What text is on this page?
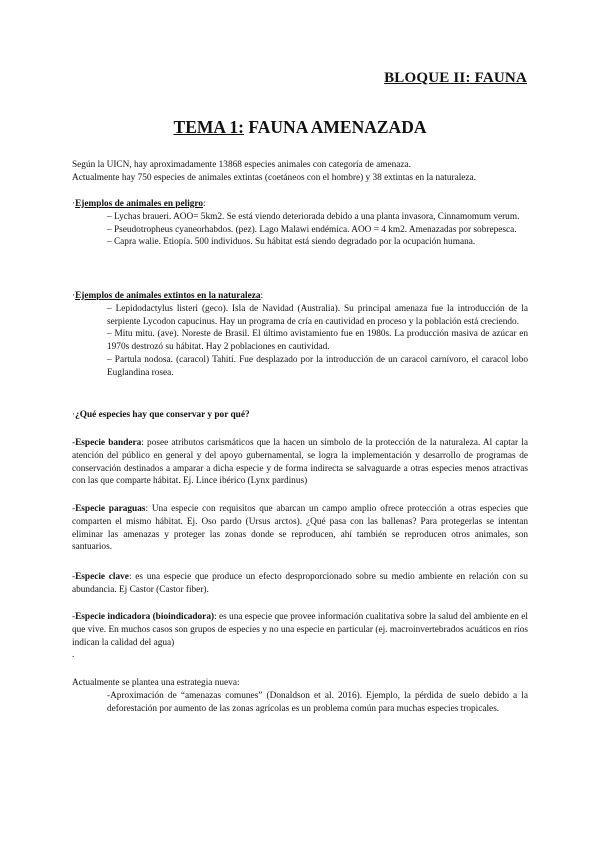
BLOQUE II: FAUNA
TEMA 1: FAUNA AMENAZADA

Según la UICN, hay aproximadamente 13868 especies animales con categoría de amenaza.

Actualmente hay 750 especies de animales extintas (coetáneos con el hombre) y 38 extintas en la naturaleza.

·Ejemplos de animales en peligro:

– Lychas braueri. AOO= 5km2. Se está viendo deteriorada debido a una planta invasora, Cinnamomum verum.

– Pseudotropheus cyaneorhabdos. (pez). Lago Malawi endémica. AOO = 4 km2. Amenazadas por sobrepesca.

– Capra walie. Etiopía. 500 individuos. Su hábitat está siendo degradado por la ocupación humana.

·Ejemplos de animales extintos en la naturaleza:

– Lepidodactylus listeri (geco). Isla de Navidad (Australia). Su principal amenaza fue la introducción de la serpiente Lycodon capucinus. Hay un programa de cría en cautividad en proceso y la población está creciendo.

– Mitu mitu. (ave). Noreste de Brasil. El último avistamiento fue en 1980s. La producción masiva de azúcar en 1970s destrozó su hábitat. Hay 2 poblaciones en cautividad.

– Partula nodosa. (caracol) Tahití. Fue desplazado por la introducción de un caracol carnívoro, el caracol lobo Euglandina rosea.

·¿Qué especies hay que conservar y por qué?

-Especie bandera: posee atributos carismáticos que la hacen un símbolo de la protección de la naturaleza. Al captar la atención del público en general y del apoyo gubernamental, se logra la implementación y desarrollo de programas de conservación destinados a amparar a dicha especie y de forma indirecta se salvaguarde a otras especies menos atractivas con las que comparte hábitat. Ej. Lince ibérico (Lynx pardinus)

-Especie paraguas: Una especie con requisitos que abarcan un campo amplio ofrece protección a otras especies que comparten el mismo hábitat. Ej. Oso pardo (Ursus arctos). ¿Qué pasa con las ballenas? Para protegerlas se intentan eliminar las amenazas y proteger las zonas donde se reproducen, ahí también se reproducen otros animales, son santuarios.

-Especie clave: es una especie que produce un efecto desproporcionado sobre su medio ambiente en relación con su abundancia. Ej Castor (Castor fiber).

-Especie indicadora (bioindicadora): es una especie que provee información cualitativa sobre la salud del ambiente en el que vive. En muchos casos son grupos de especies y no una especie en particular (ej. macroinvertebrados acuáticos en ríos indican la calidad del agua)

.

Actualmente se plantea una estrategia nueva:

-Aproximación de “amenazas comunes” (Donaldson et al. 2016). Ejemplo, la pérdida de suelo debido a la deforestación por aumento de las zonas agrícolas es un problema común para muchas especies tropicales.
